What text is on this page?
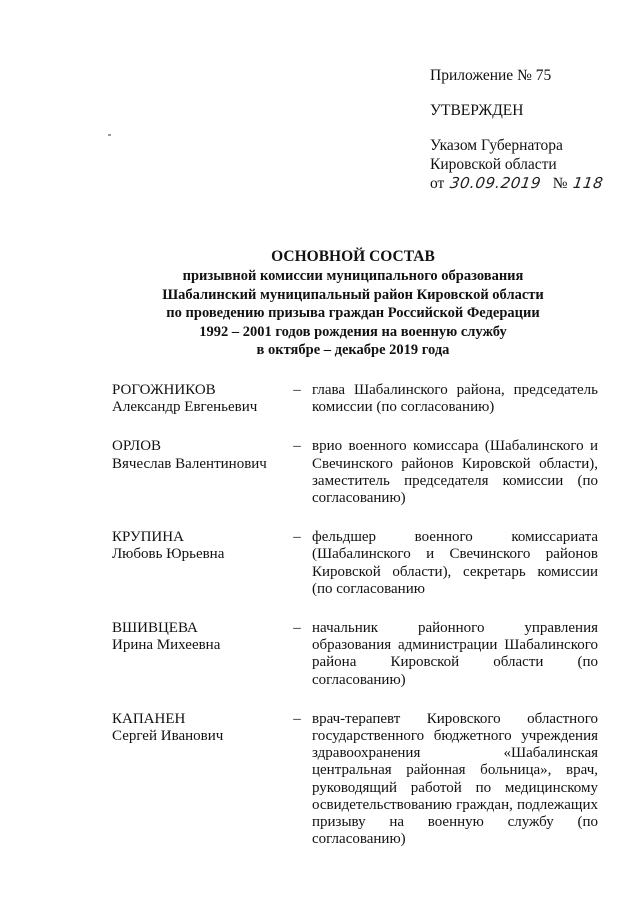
Приложение № 75
УТВЕРЖДЕН
Указом Губернатора
Кировской области
от 30.09.2019 № 118
ОСНОВНОЙ СОСТАВ
призывной комиссии муниципального образования
Шабалинский муниципальный район Кировской области
по проведению призыва граждан Российской Федерации
1992 – 2001 годов рождения на военную службу
в октябре – декабре 2019 года
РОГОЖНИКОВ
Александр Евгеньевич
– глава Шабалинского района, председатель комиссии (по согласованию)
ОРЛОВ
Вячеслав Валентинович
– врио военного комиссара (Шабалинского и Свечинского районов Кировской области), заместитель председателя комиссии (по согласованию)
КРУПИНА
Любовь Юрьевна
– фельдшер военного комиссариата (Шабалинского и Свечинского районов Кировской области), секретарь комиссии (по согласованию
ВШИВЦЕВА
Ирина Михеевна
– начальник районного управления образования администрации Шабалинского района Кировской области (по согласованию)
КАПАНЕН
Сергей Иванович
– врач-терапевт Кировского областного государственного бюджетного учреждения здравоохранения «Шабалинская центральная районная больница», врач, руководящий работой по медицинскому освидетельствованию граждан, подлежащих призыву на военную службу (по согласованию)
